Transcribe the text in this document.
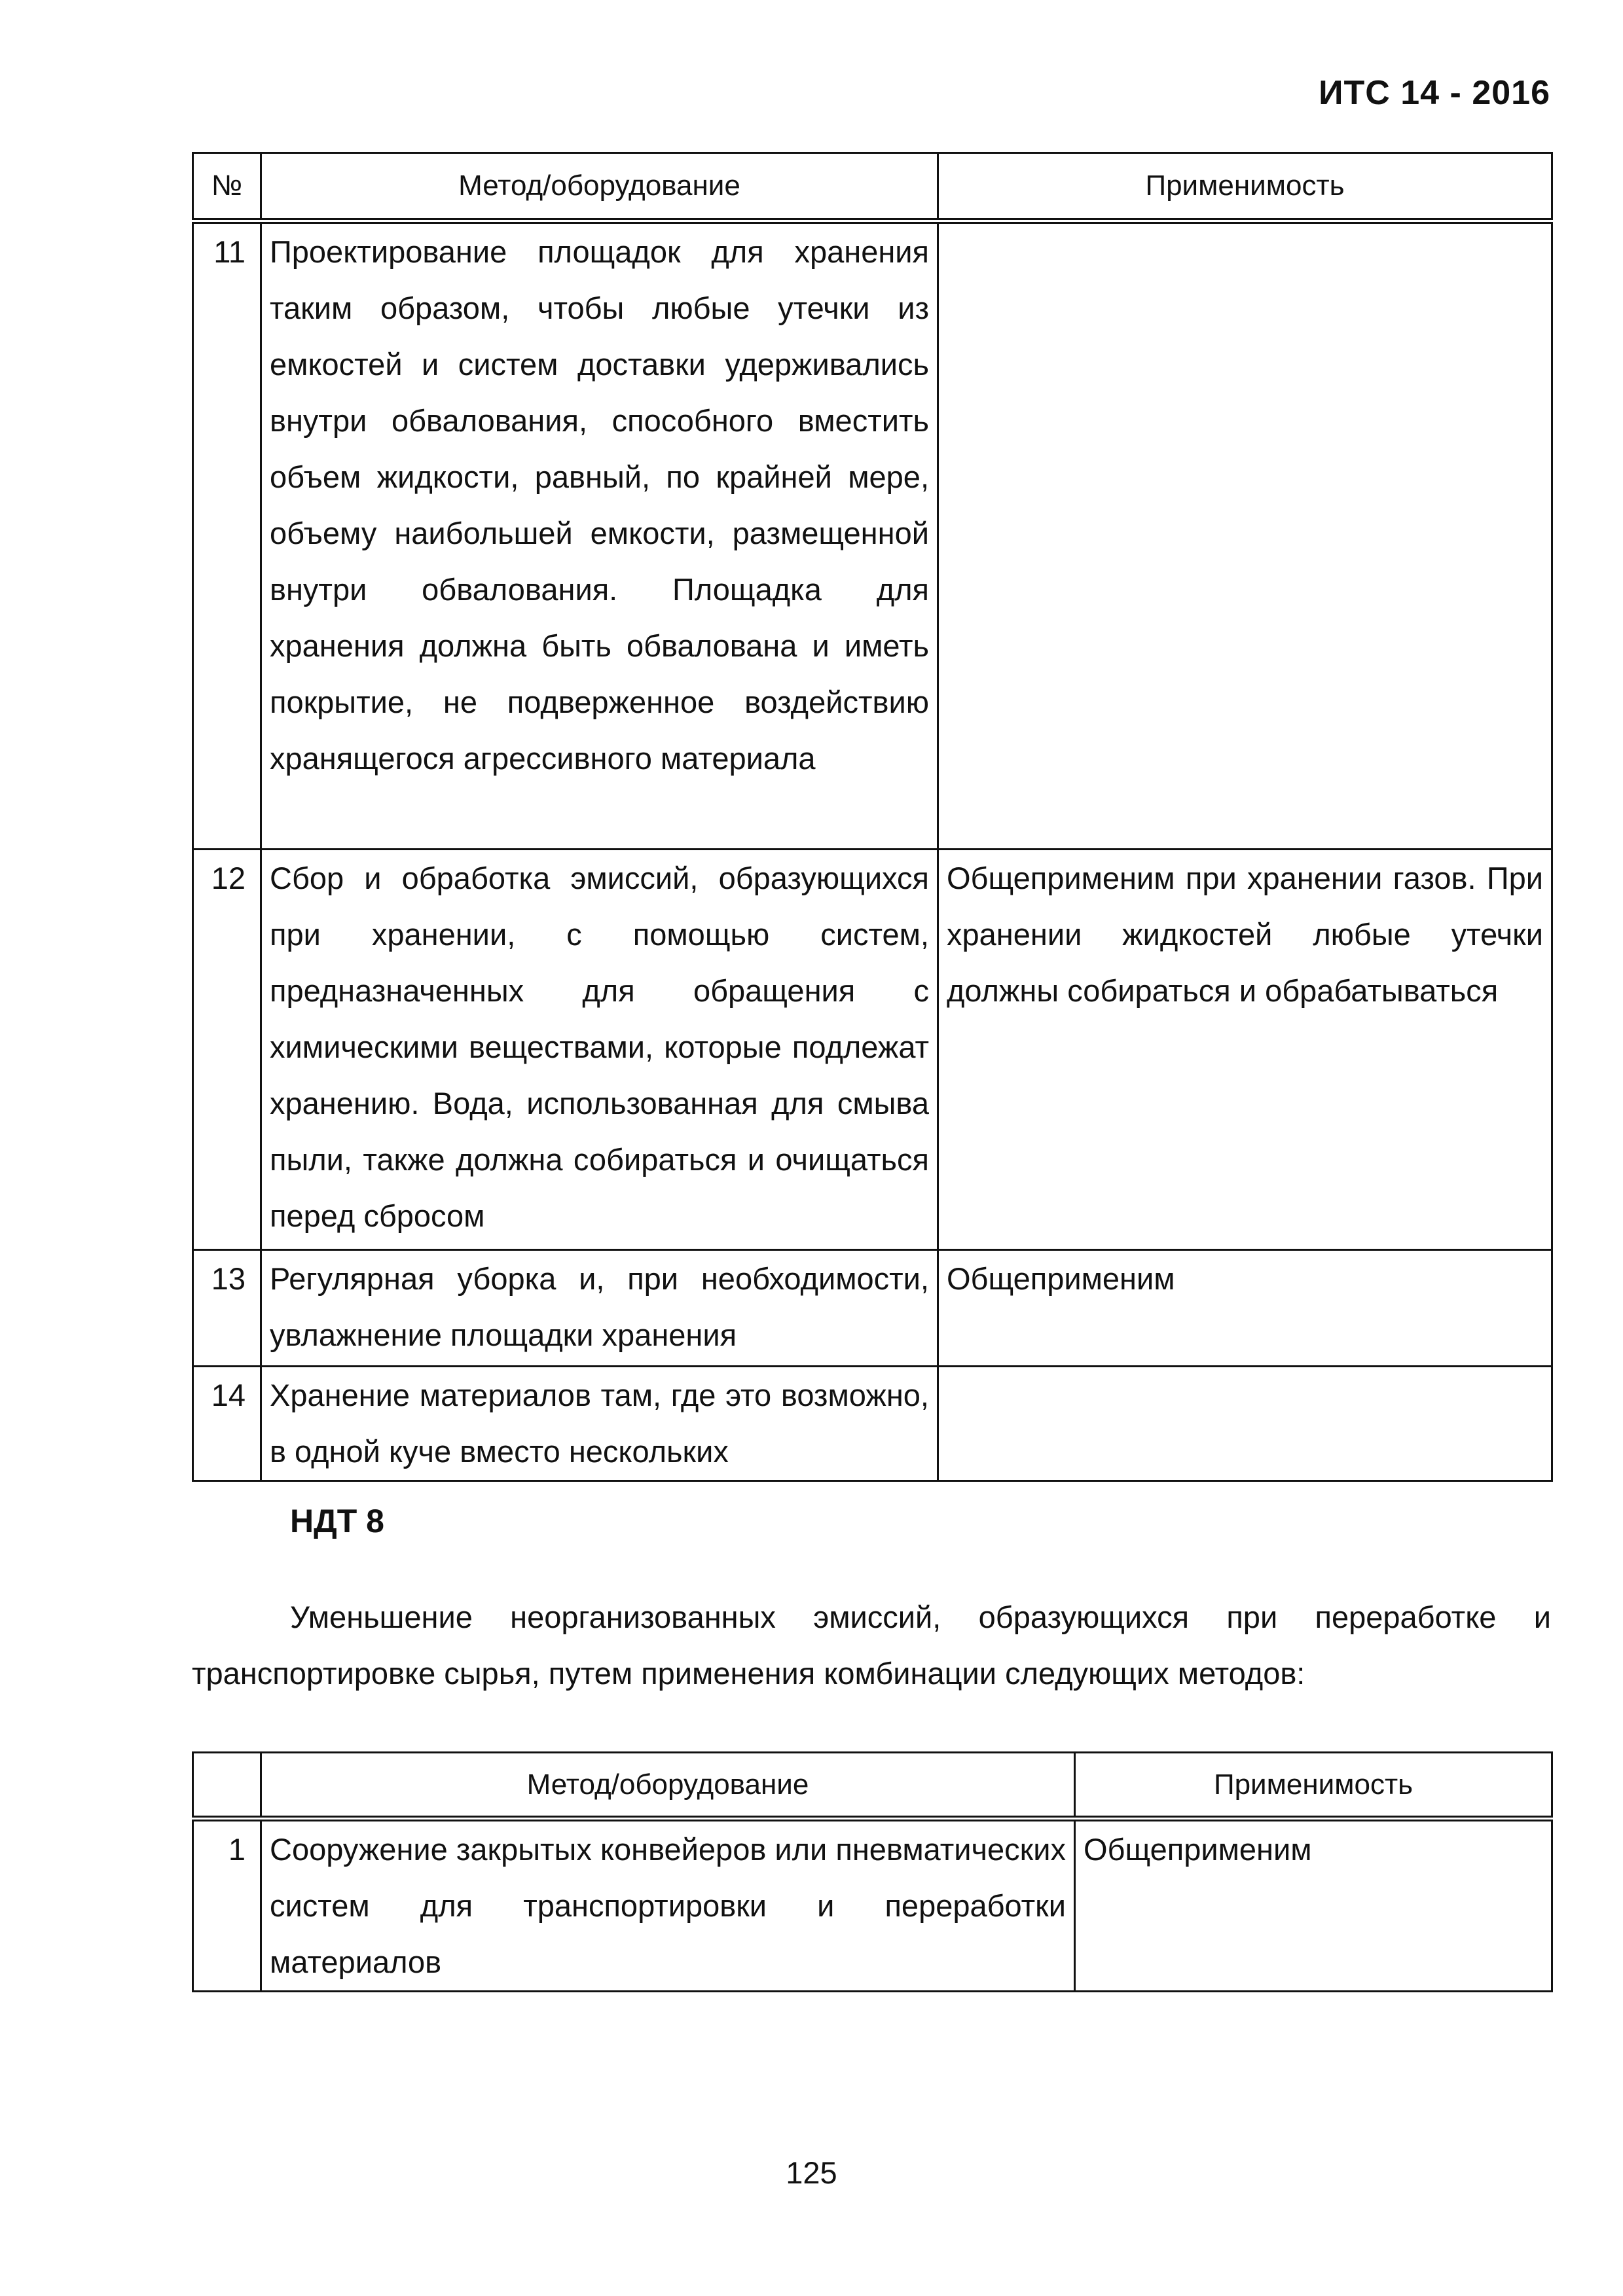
ИТС 14 - 2016
№	Метод/оборудование	Применимость
11	Проектирование площадок для хранения таким образом, чтобы любые утечки из емкостей и систем доставки удерживались внутри обвалования, способного вместить объем жидкости, равный, по крайней мере, объему наибольшей емкости, размещенной внутри обвалования. Площадка для хранения должна быть обвалована и иметь покрытие, не подверженное воздействию хранящегося агрессивного материала	
12	Сбор и обработка эмиссий, образующихся при хранении, с помощью систем, предназначенных для обращения с химическими веществами, которые подлежат хранению. Вода, использованная для смыва пыли, также должна собираться и очищаться перед сбросом	Общеприменим при хранении газов. При хранении жидкостей любые утечки должны собираться и обрабатываться
13	Регулярная уборка и, при необходимости, увлажнение площадки хранения	Общеприменим
14	Хранение материалов там, где это возможно, в одной куче вместо нескольких	
НДТ 8
Уменьшение неорганизованных эмиссий, образующихся при переработке и транспортировке сырья, путем применения комбинации следующих методов:
	Метод/оборудование	Применимость
1	Сооружение закрытых конвейеров или пневматических систем для транспортировки и переработки материалов	Общеприменим
125
